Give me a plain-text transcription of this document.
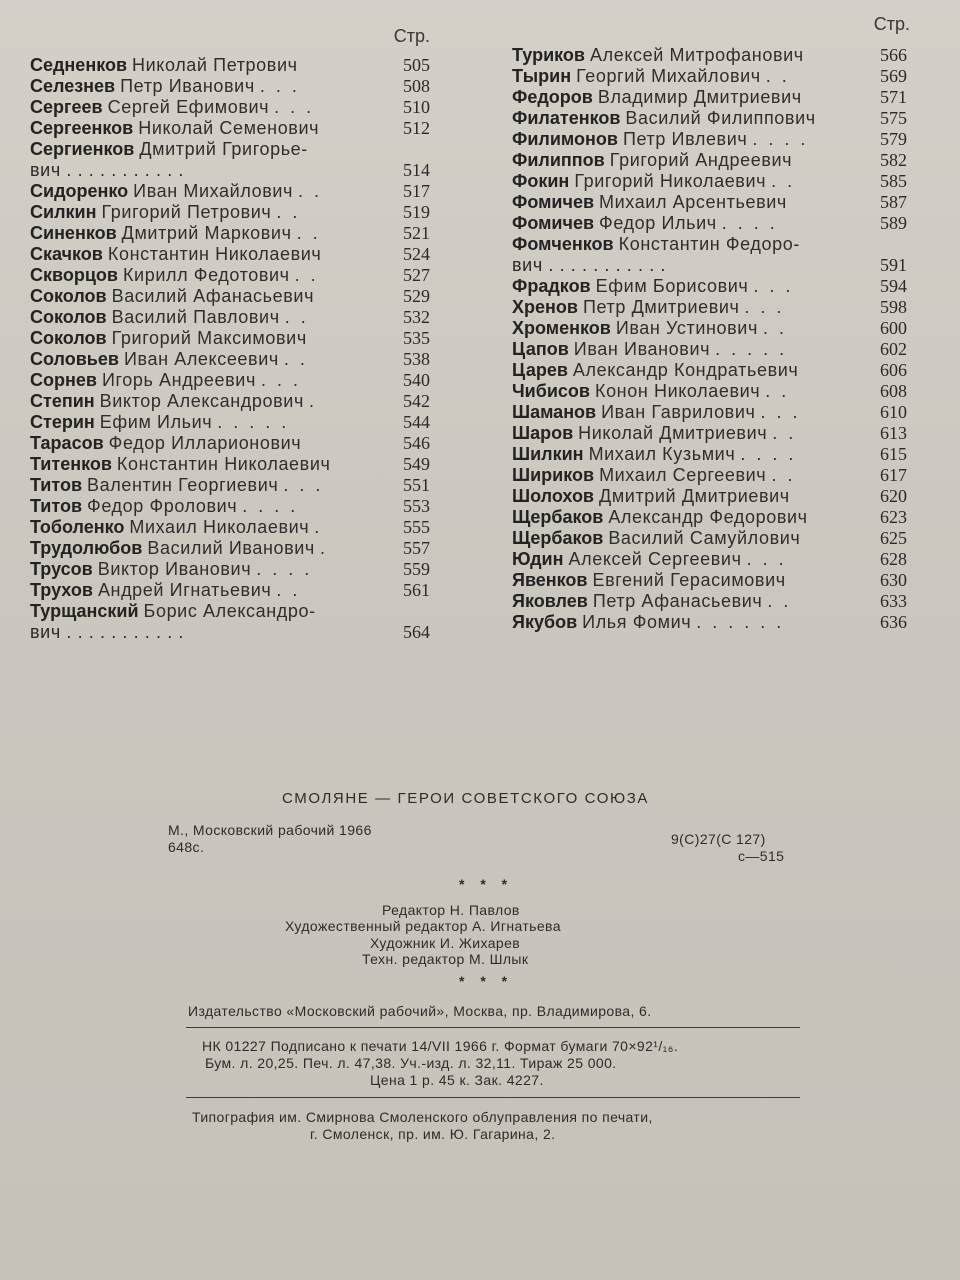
Стр.
Седненков Николай Петрович	505
Селезнев Петр Иванович . . .	508
Сергеев Сергей Ефимович . . .	510
Сергеенков Николай Семенович	512
Сергиенков Дмитрий Григорье-
вич . . . . . . . . . . .	514
Сидоренко Иван Михайлович . .	517
Силкин Григорий Петрович . .	519
Синенков Дмитрий Маркович . .	521
Скачков Константин Николаевич	524
Скворцов Кирилл Федотович . .	527
Соколов Василий Афанасьевич	529
Соколов Василий Павлович . .	532
Соколов Григорий Максимович	535
Соловьев Иван Алексеевич . .	538
Сорнев Игорь Андреевич . . .	540
Степин Виктор Александрович .	542
Стерин Ефим Ильич . . . . .	544
Тарасов Федор Илларионович	546
Титенков Константин Николаевич	549
Титов Валентин Георгиевич . . .	551
Титов Федор Фролович . . . .	553
Тоболенко Михаил Николаевич .	555
Трудолюбов Василий Иванович .	557
Трусов Виктор Иванович . . . .	559
Трухов Андрей Игнатьевич . .	561
Турщанский Борис Александро-
вич . . . . . . . . . . .	564
Стр.
Туриков Алексей Митрофанович	566
Тырин Георгий Михайлович . .	569
Федоров Владимир Дмитриевич	571
Филатенков Василий Филиппович	575
Филимонов Петр Ивлевич . . . .	579
Филиппов Григорий Андреевич	582
Фокин Григорий Николаевич . .	585
Фомичев Михаил Арсентьевич	587
Фомичев Федор Ильич . . . .	589
Фомченков Константин Федоро-
вич . . . . . . . . . . .	591
Фрадков Ефим Борисович . . .	594
Хренов Петр Дмитриевич . . .	598
Хроменков Иван Устинович . .	600
Цапов Иван Иванович . . . . .	602
Царев Александр Кондратьевич	606
Чибисов Конон Николаевич . .	608
Шаманов Иван Гаврилович . . .	610
Шаров Николай Дмитриевич . .	613
Шилкин Михаил Кузьмич . . . .	615
Шириков Михаил Сергеевич . .	617
Шолохов Дмитрий Дмитриевич	620
Щербаков Александр Федорович	623
Щербаков Василий Самуйлович	625
Юдин Алексей Сергеевич . . .	628
Явенков Евгений Герасимович	630
Яковлев Петр Афанасьевич . .	633
Якубов Илья Фомич . . . . . .	636
СМОЛЯНЕ — ГЕРОИ СОВЕТСКОГО СОЮЗА
М., Московский рабочий 1966
648с.	9(С)27(С 127)
с—515
* * *
Редактор Н. Павлов
Художественный редактор А. Игнатьева
Художник И. Жихарев
Техн. редактор М. Шлык
* * *
Издательство «Московский рабочий», Москва, пр. Владимирова, 6.
НК 01227 Подписано к печати 14/VII 1966 г. Формат бумаги 70×92¹/₁₆.
Бум. л. 20,25. Печ. л. 47,38. Уч.-изд. л. 32,11. Тираж 25 000.
Цена 1 р. 45 к. Зак. 4227.
Типография им. Смирнова Смоленского облуправления по печати,
г. Смоленск, пр. им. Ю. Гагарина, 2.
